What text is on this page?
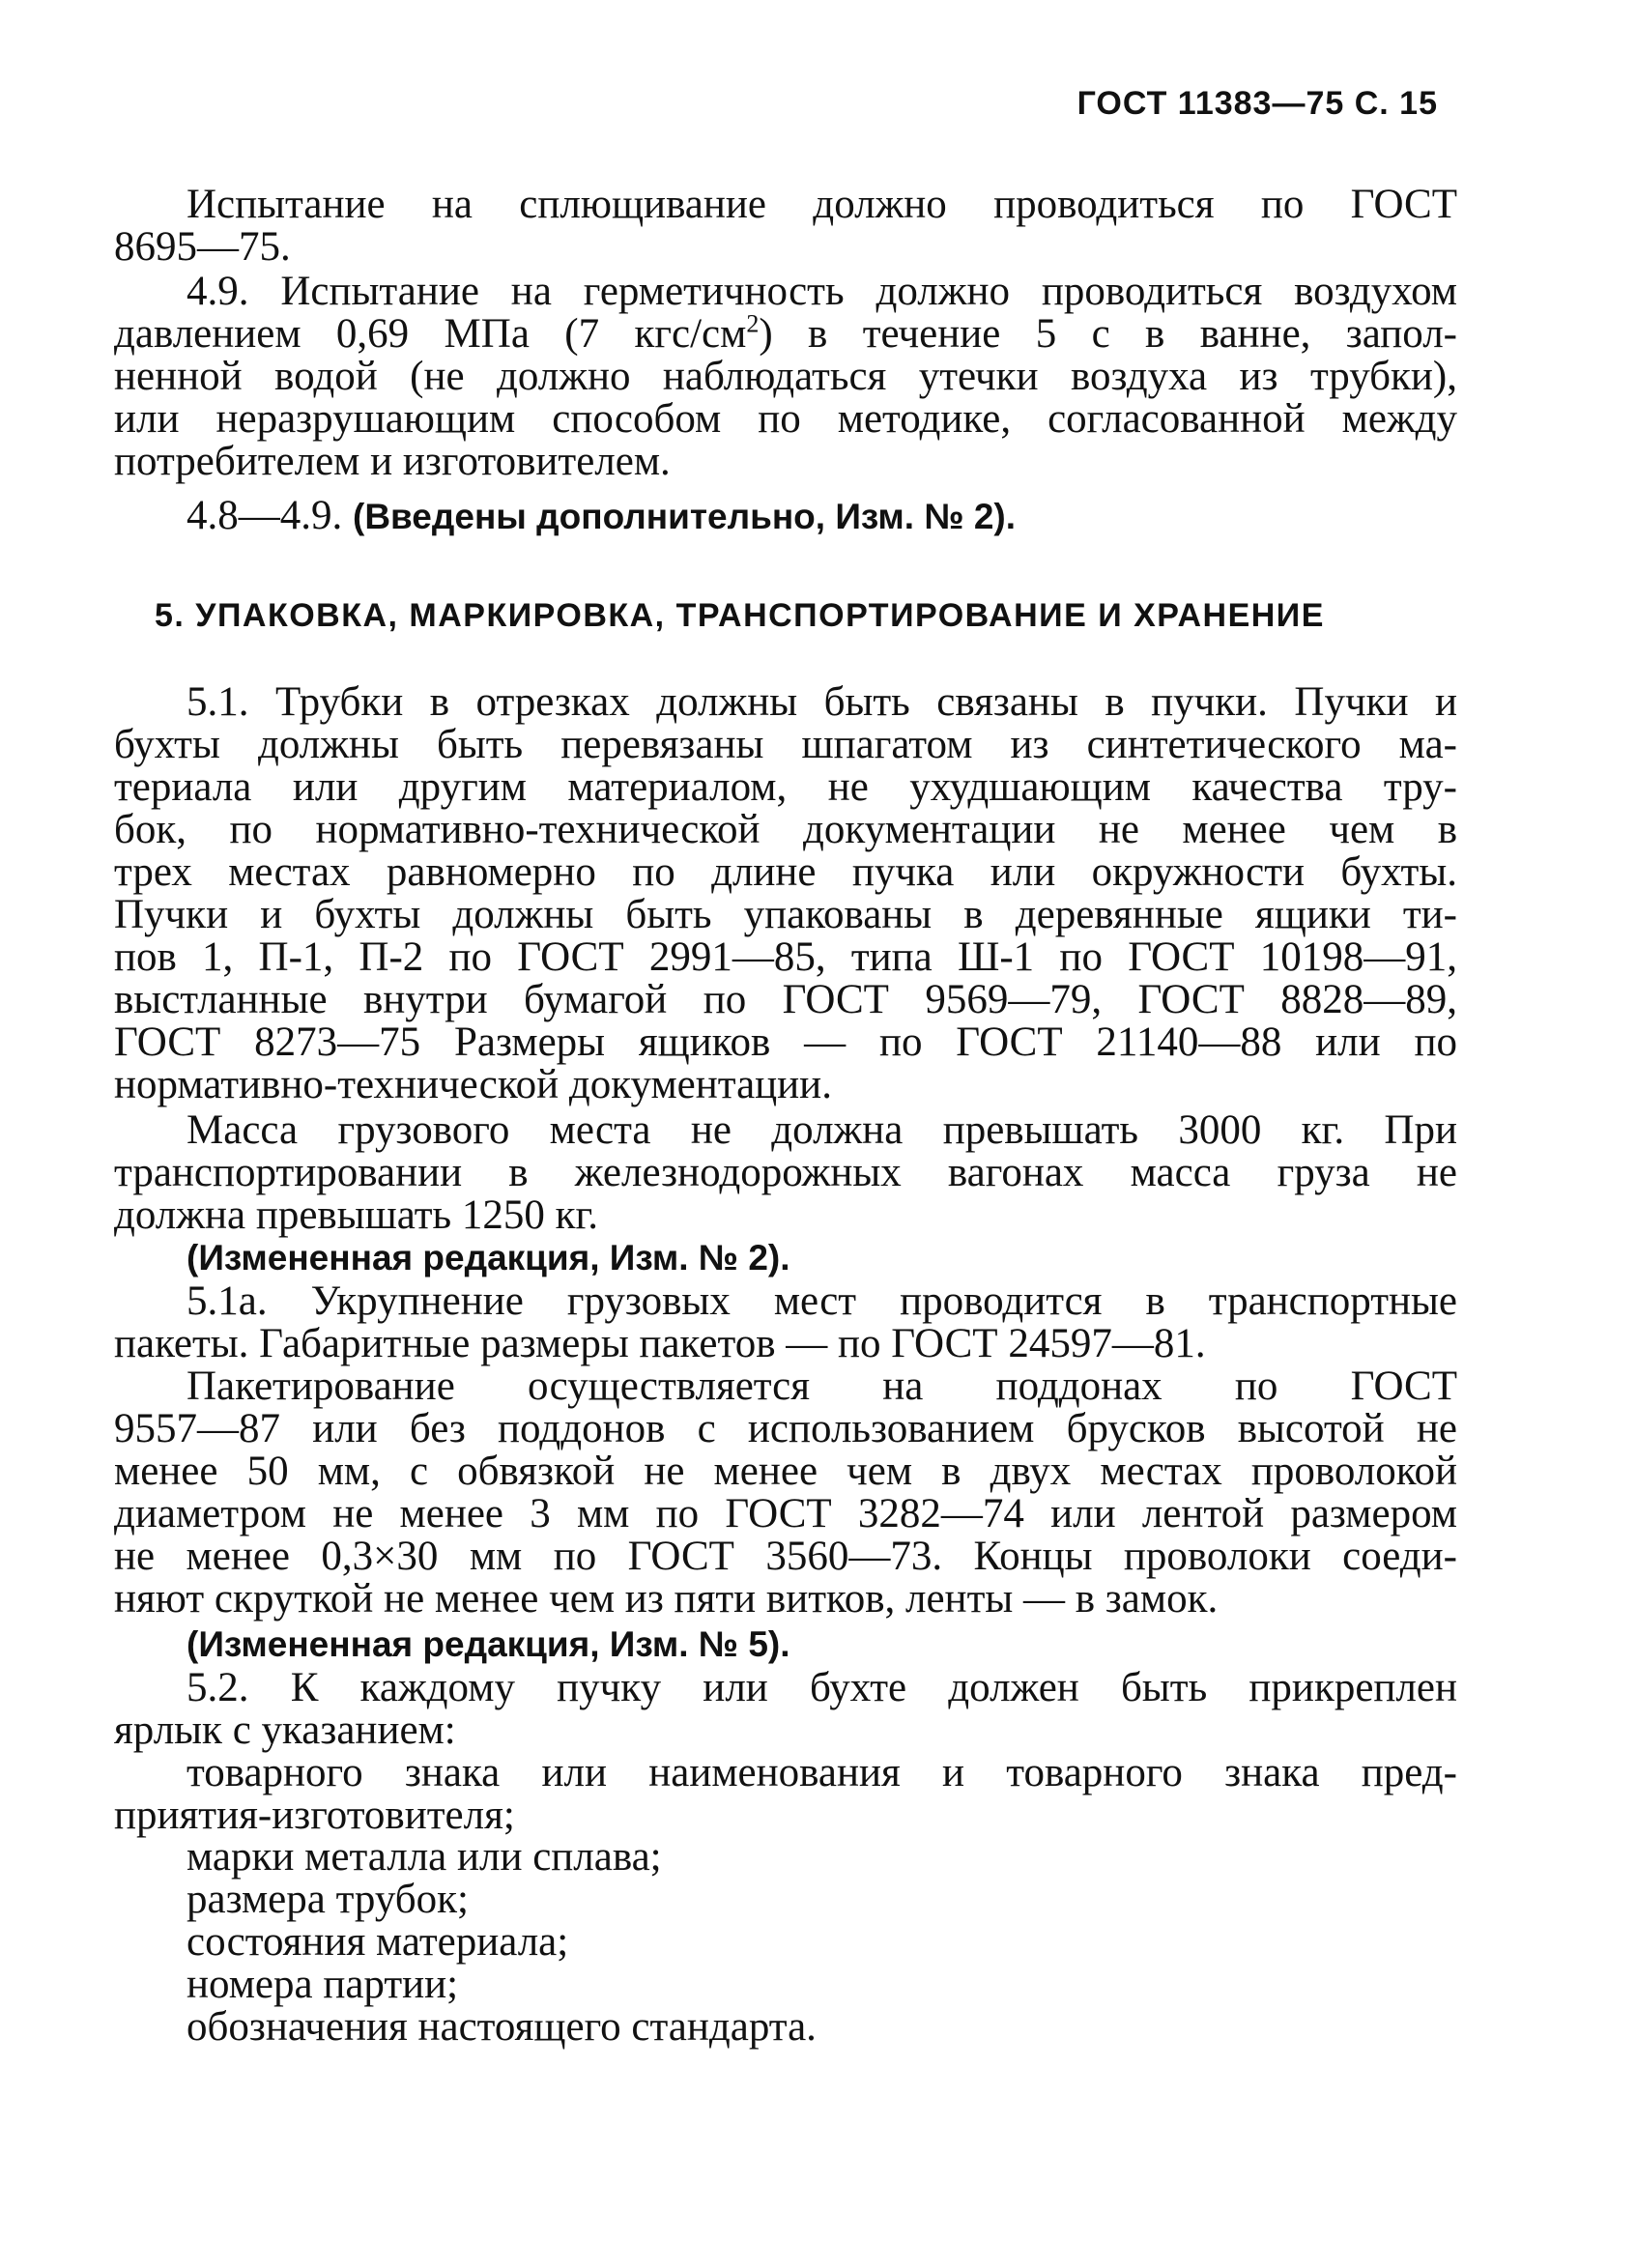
ГОСТ 11383—75 С. 15
Испытание на сплющивание должно проводиться по ГОСТ
8695—75.
4.9. Испытание на герметичность должно проводиться воздухом
давлением 0,69 МПа (7 кгс/$см^2$) в течение 5 с в ванне, запол-
ненной водой (не должно наблюдаться утечки воздуха из трубки),
или неразрушающим способом по методике, согласованной между
потребителем и изготовителем.
4.8—4.9. (Введены дополнительно, Изм. № 2).
5. УПАКОВКА, МАРКИРОВКА, ТРАНСПОРТИРОВАНИЕ И ХРАНЕНИЕ
5.1. Трубки в отрезках должны быть связаны в пучки. Пучки и
бухты должны быть перевязаны шпагатом из синтетического ма-
териала или другим материалом, не ухудшающим качества тру-
бок, по нормативно-технической документации не менее чем в
трех местах равномерно по длине пучка или окружности бухты.
Пучки и бухты должны быть упакованы в деревянные ящики ти-
пов 1, П-1, П-2 по ГОСТ 2991—85, типа Ш-1 по ГОСТ 10198—91,
выстланные внутри бумагой по ГОСТ 9569—79, ГОСТ 8828—89,
ГОСТ 8273—75 Размеры ящиков — по ГОСТ 21140—88 или по
нормативно-технической документации.
Масса грузового места не должна превышать 3000 кг. При
транспортировании в железнодорожных вагонах масса груза не
должна превышать 1250 кг.
(Измененная редакция, Изм. № 2).
5.1а. Укрупнение грузовых мест проводится в транспортные
пакеты. Габаритные размеры пакетов — по ГОСТ 24597—81.
Пакетирование осуществляется на поддонах по ГОСТ
9557—87 или без поддонов с использованием брусков высотой не
менее 50 мм, с обвязкой не менее чем в двух местах проволокой
диаметром не менее 3 мм по ГОСТ 3282—74 или лентой размером
не менее 0,3×30 мм по ГОСТ 3560—73. Концы проволоки соеди-
няют скруткой не менее чем из пяти витков, ленты — в замок.
(Измененная редакция, Изм. № 5).
5.2. К каждому пучку или бухте должен быть прикреплен
ярлык с указанием:
товарного знака или наименования и товарного знака пред-
приятия-изготовителя;
марки металла или сплава;
размера трубок;
состояния материала;
номера партии;
обозначения настоящего стандарта.
